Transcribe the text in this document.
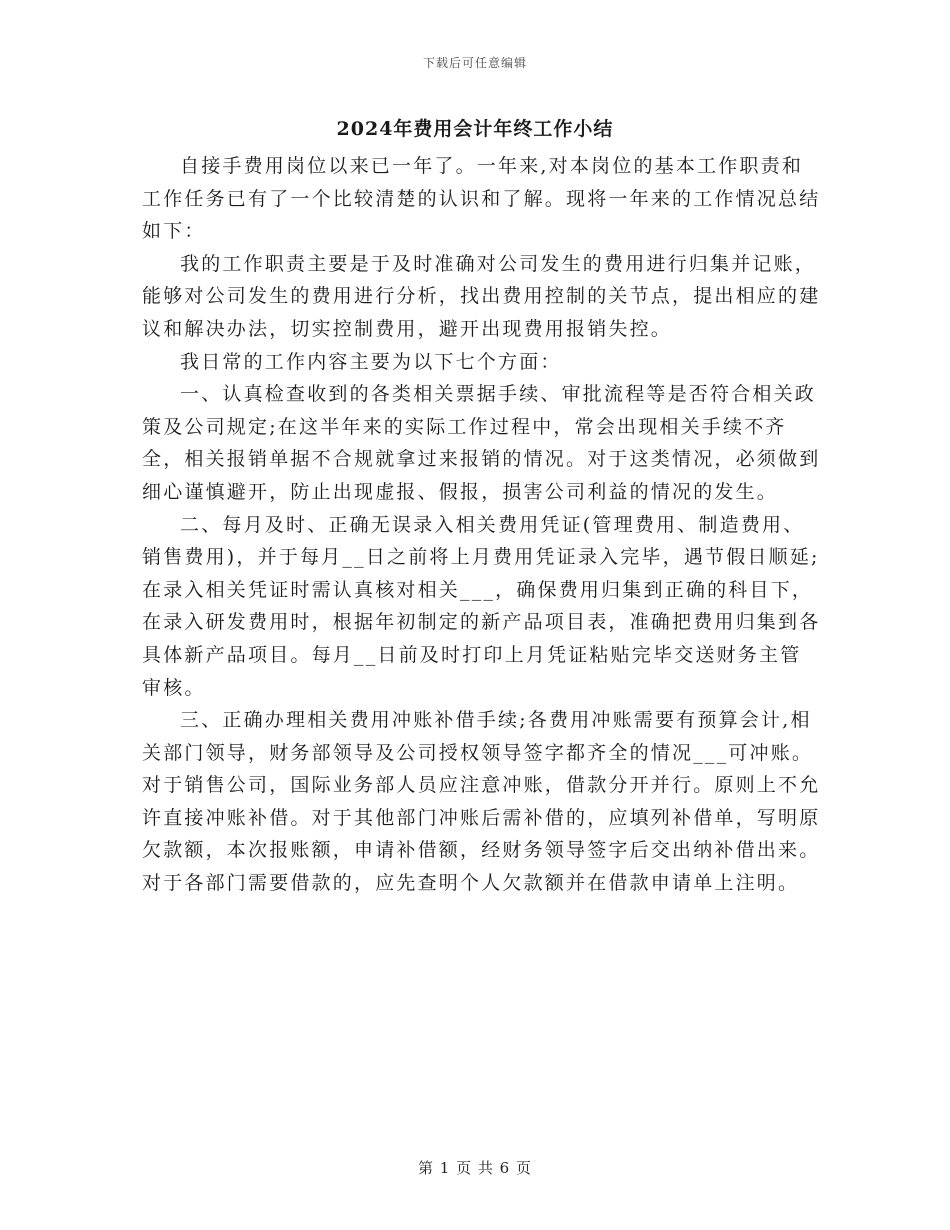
下载后可任意编辑
2024年费用会计年终工作小结

自接手费用岗位以来已一年了。一年来,对本岗位的基本工作职责和工作任务已有了一个比较清楚的认识和了解。现将一年来的工作情况总结如下：

我的工作职责主要是于及时准确对公司发生的费用进行归集并记账，能够对公司发生的费用进行分析，找出费用控制的关节点，提出相应的建议和解决办法，切实控制费用，避开出现费用报销失控。

我日常的工作内容主要为以下七个方面：

一、认真检查收到的各类相关票据手续、审批流程等是否符合相关政策及公司规定;在这半年来的实际工作过程中，常会出现相关手续不齐全，相关报销单据不合规就拿过来报销的情况。对于这类情况，必须做到细心谨慎避开，防止出现虚报、假报，损害公司利益的情况的发生。

二、每月及时、正确无误录入相关费用凭证(管理费用、制造费用、销售费用)，并于每月__日之前将上月费用凭证录入完毕，遇节假日顺延;在录入相关凭证时需认真核对相关___，确保费用归集到正确的科目下，在录入研发费用时，根据年初制定的新产品项目表，准确把费用归集到各具体新产品项目。每月__日前及时打印上月凭证粘贴完毕交送财务主管审核。

三、正确办理相关费用冲账补借手续;各费用冲账需要有预算会计,相关部门领导，财务部领导及公司授权领导签字都齐全的情况___可冲账。对于销售公司，国际业务部人员应注意冲账，借款分开并行。原则上不允许直接冲账补借。对于其他部门冲账后需补借的，应填列补借单，写明原欠款额，本次报账额，申请补借额，经财务领导签字后交出纳补借出来。对于各部门需要借款的，应先查明个人欠款额并在借款申请单上注明。

第 1 页 共 6 页
